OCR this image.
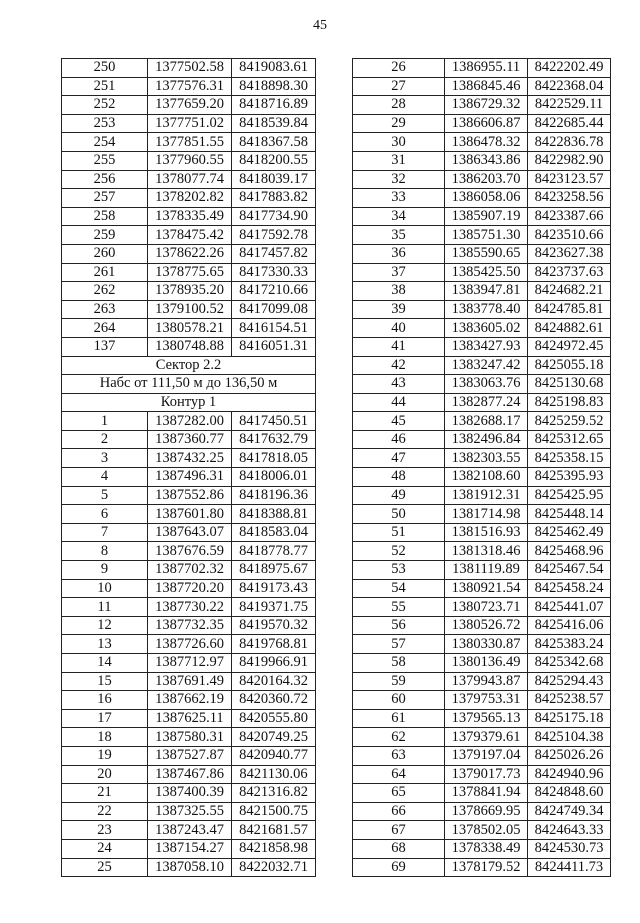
45
250	1377502.58	8419083.61
251	1377576.31	8418898.30
252	1377659.20	8418716.89
253	1377751.02	8418539.84
254	1377851.55	8418367.58
255	1377960.55	8418200.55
256	1378077.74	8418039.17
257	1378202.82	8417883.82
258	1378335.49	8417734.90
259	1378475.42	8417592.78
260	1378622.26	8417457.82
261	1378775.65	8417330.33
262	1378935.20	8417210.66
263	1379100.52	8417099.08
264	1380578.21	8416154.51
137	1380748.88	8416051.31
Сектор 2.2		
Набс от 111,50 м до 136,50 м		
Контур 1		
1	1387282.00	8417450.51
2	1387360.77	8417632.79
3	1387432.25	8417818.05
4	1387496.31	8418006.01
5	1387552.86	8418196.36
6	1387601.80	8418388.81
7	1387643.07	8418583.04
8	1387676.59	8418778.77
9	1387702.32	8418975.67
10	1387720.20	8419173.43
11	1387730.22	8419371.75
12	1387732.35	8419570.32
13	1387726.60	8419768.81
14	1387712.97	8419966.91
15	1387691.49	8420164.32
16	1387662.19	8420360.72
17	1387625.11	8420555.80
18	1387580.31	8420749.25
19	1387527.87	8420940.77
20	1387467.86	8421130.06
21	1387400.39	8421316.82
22	1387325.55	8421500.75
23	1387243.47	8421681.57
24	1387154.27	8421858.98
25	1387058.10	8422032.71
26	1386955.11	8422202.49
27	1386845.46	8422368.04
28	1386729.32	8422529.11
29	1386606.87	8422685.44
30	1386478.32	8422836.78
31	1386343.86	8422982.90
32	1386203.70	8423123.57
33	1386058.06	8423258.56
34	1385907.19	8423387.66
35	1385751.30	8423510.66
36	1385590.65	8423627.38
37	1385425.50	8423737.63
38	1383947.81	8424682.21
39	1383778.40	8424785.81
40	1383605.02	8424882.61
41	1383427.93	8424972.45
42	1383247.42	8425055.18
43	1383063.76	8425130.68
44	1382877.24	8425198.83
45	1382688.17	8425259.52
46	1382496.84	8425312.65
47	1382303.55	8425358.15
48	1382108.60	8425395.93
49	1381912.31	8425425.95
50	1381714.98	8425448.14
51	1381516.93	8425462.49
52	1381318.46	8425468.96
53	1381119.89	8425467.54
54	1380921.54	8425458.24
55	1380723.71	8425441.07
56	1380526.72	8425416.06
57	1380330.87	8425383.24
58	1380136.49	8425342.68
59	1379943.87	8425294.43
60	1379753.31	8425238.57
61	1379565.13	8425175.18
62	1379379.61	8425104.38
63	1379197.04	8425026.26
64	1379017.73	8424940.96
65	1378841.94	8424848.60
66	1378669.95	8424749.34
67	1378502.05	8424643.33
68	1378338.49	8424530.73
69	1378179.52	8424411.73
